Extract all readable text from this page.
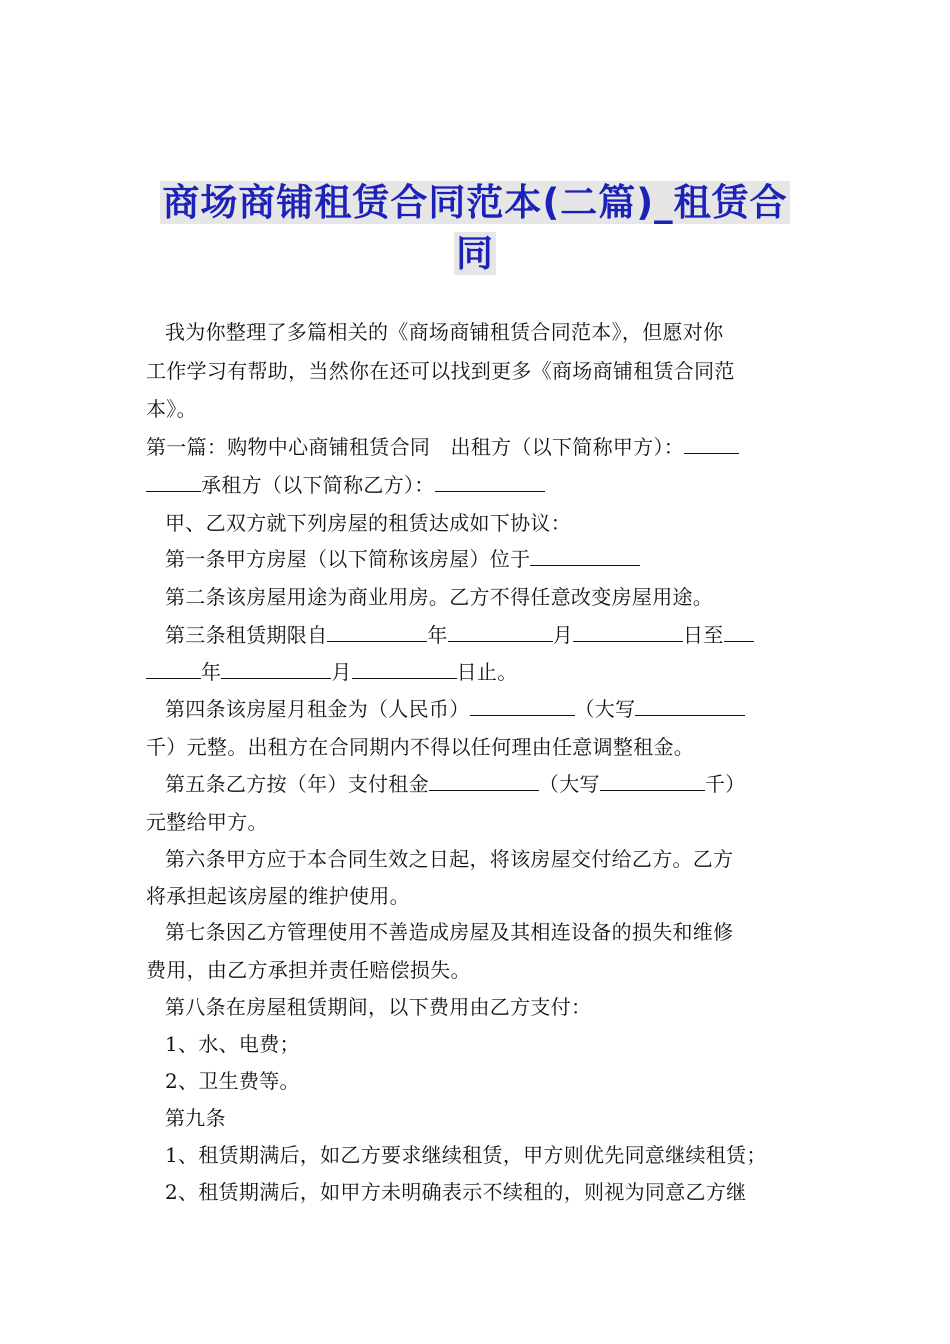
商场商铺租赁合同范本(二篇)_租赁合
同
我为你整理了多篇相关的《商场商铺租赁合同范本》，但愿对你
工作学习有帮助，当然你在还可以找到更多《商场商铺租赁合同范
本》。
第一篇：购物中心商铺租赁合同　出租方（以下简称甲方）：
承租方（以下简称乙方）：
甲、乙双方就下列房屋的租赁达成如下协议：
第一条甲方房屋（以下简称该房屋）位于
第二条该房屋用途为商业用房。乙方不得任意改变房屋用途。
第三条租赁期限自	年	月	日至
年	月	日止。
第四条该房屋月租金为（人民币）	（大写
千）元整。出租方在合同期内不得以任何理由任意调整租金。
第五条乙方按（年）支付租金	（大写	千）
元整给甲方。
第六条甲方应于本合同生效之日起，将该房屋交付给乙方。乙方
将承担起该房屋的维护使用。
第七条因乙方管理使用不善造成房屋及其相连设备的损失和维修
费用，由乙方承担并责任赔偿损失。
第八条在房屋租赁期间，以下费用由乙方支付：
1、水、电费；
2、卫生费等。
第九条
1、租赁期满后，如乙方要求继续租赁，甲方则优先同意继续租赁；
2、租赁期满后，如甲方未明确表示不续租的，则视为同意乙方继
